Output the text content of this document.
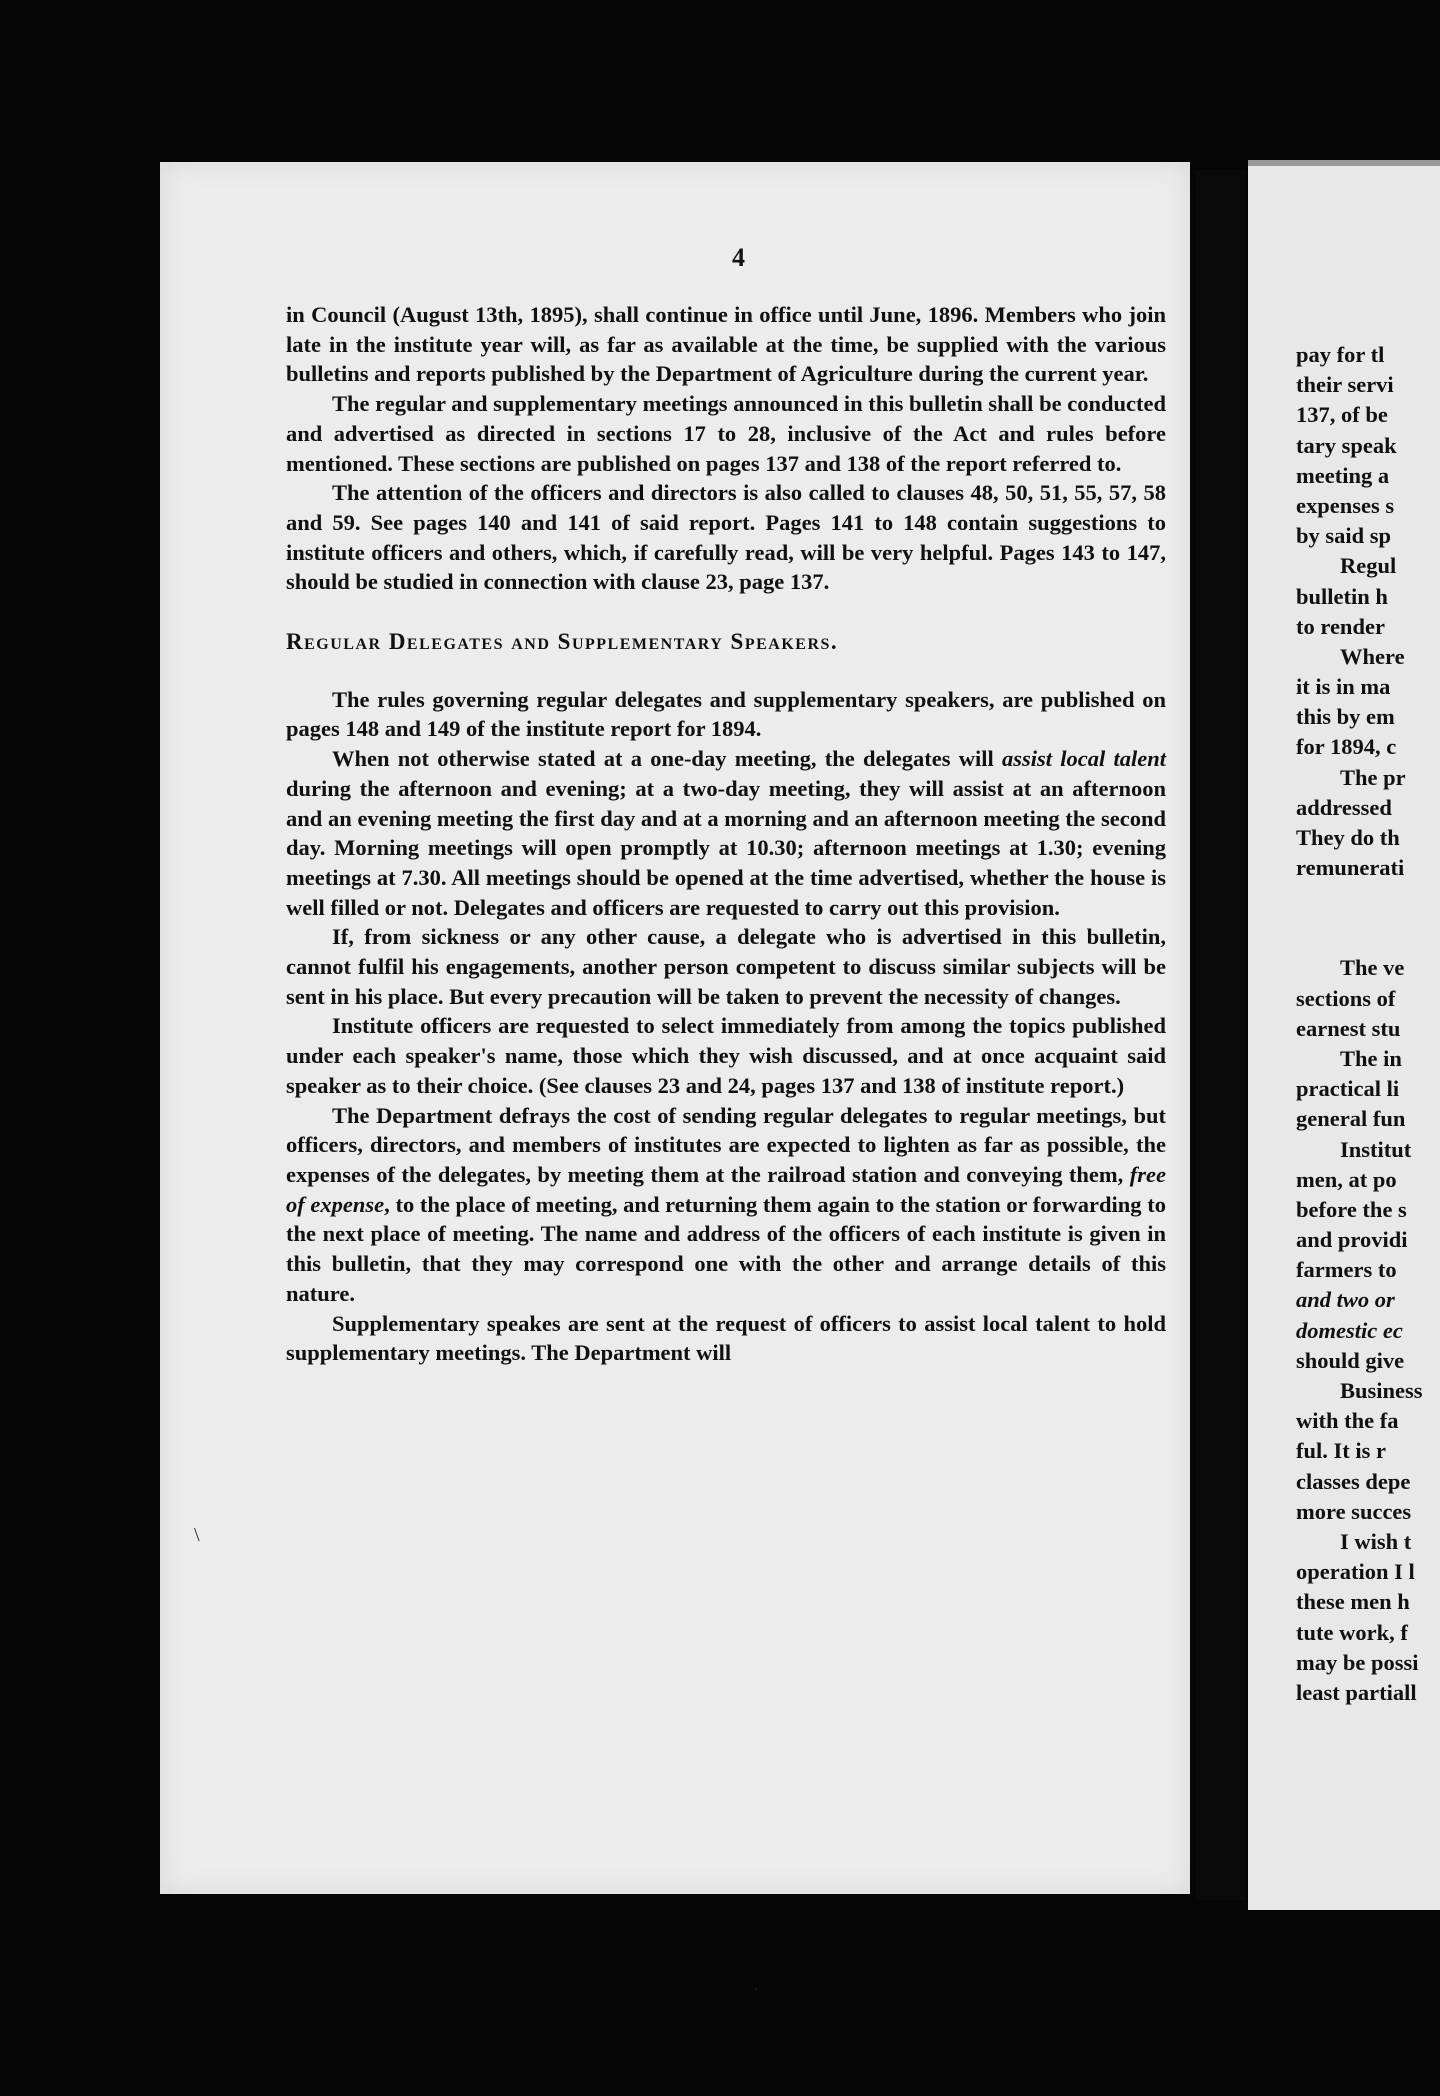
4

in Council (August 13th, 1895), shall continue in office until June, 1896. Members who join late in the institute year will, as far as available at the time, be supplied with the various bulletins and reports published by the Department of Agriculture during the current year.

The regular and supplementary meetings announced in this bulletin shall be conducted and advertised as directed in sections 17 to 28, inclusive of the Act and rules before mentioned. These sections are published on pages 137 and 138 of the report referred to.

The attention of the officers and directors is also called to clauses 48, 50, 51, 55, 57, 58 and 59. See pages 140 and 141 of said report. Pages 141 to 148 contain suggestions to institute officers and others, which, if carefully read, will be very helpful. Pages 143 to 147, should be studied in connection with clause 23, page 137.

Regular Delegates and Supplementary Speakers.

The rules governing regular delegates and supplementary speakers, are published on pages 148 and 149 of the institute report for 1894.

When not otherwise stated at a one-day meeting, the delegates will assist local talent during the afternoon and evening; at a two-day meeting, they will assist at an afternoon and an evening meeting the first day and at a morning and an afternoon meeting the second day. Morning meetings will open promptly at 10.30; afternoon meetings at 1.30; evening meetings at 7.30. All meetings should be opened at the time advertised, whether the house is well filled or not. Delegates and officers are requested to carry out this provision.

If, from sickness or any other cause, a delegate who is advertised in this bulletin, cannot fulfil his engagements, another person competent to discuss similar subjects will be sent in his place. But every precaution will be taken to prevent the necessity of changes.

Institute officers are requested to select immediately from among the topics published under each speaker's name, those which they wish discussed, and at once acquaint said speaker as to their choice. (See clauses 23 and 24, pages 137 and 138 of institute report.)

The Department defrays the cost of sending regular delegates to regular meetings, but officers, directors, and members of institutes are expected to lighten as far as possible, the expenses of the delegates, by meeting them at the railroad station and conveying them, free of expense, to the place of meeting, and returning them again to the station or forwarding to the next place of meeting. The name and address of the officers of each institute is given in this bulletin, that they may correspond one with the other and arrange details of this nature.

Supplementary speakes are sent at the request of officers to assist local talent to hold supplementary meetings. The Department will

pay for tl
their servi
137, of be
tary speak
meeting a
expenses s
by said sp
Regul
bulletin h
to render
Where
it is in ma
this by em
for 1894, c
The pr
addressed
They do th
remunerati
The ve
sections of
earnest stu
The in
practical li
general fun
Institut
men, at po
before the s
and providi
farmers to
and two or
domestic ec
should give
Business
with the fa
ful. It is r
classes depe
more succes
I wish t
operation I l
these men h
tute work, f
may be possi
least partiall
\
'
